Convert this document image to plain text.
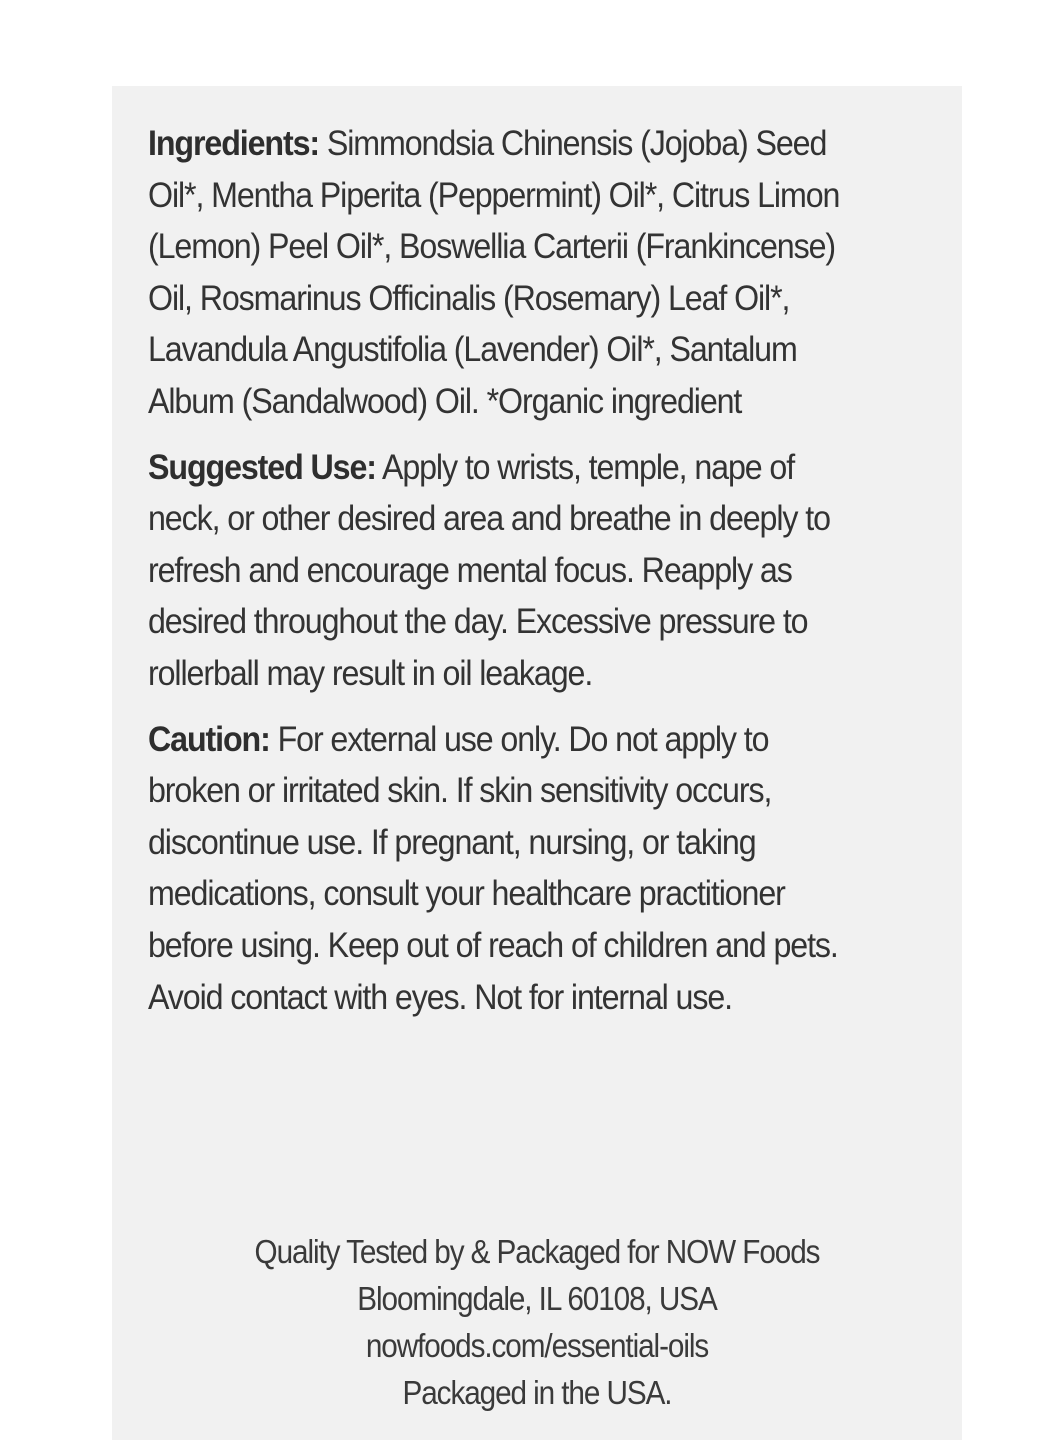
Ingredients: Simmondsia Chinensis (Jojoba) Seed Oil*, Mentha Piperita (Peppermint) Oil*, Citrus Limon (Lemon) Peel Oil*, Boswellia Carterii (Frankincense) Oil, Rosmarinus Officinalis (Rosemary) Leaf Oil*, Lavandula Angustifolia (Lavender) Oil*, Santalum Album (Sandalwood) Oil. *Organic ingredient

Suggested Use: Apply to wrists, temple, nape of neck, or other desired area and breathe in deeply to refresh and encourage mental focus. Reapply as desired throughout the day. Excessive pressure to rollerball may result in oil leakage.

Caution: For external use only. Do not apply to broken or irritated skin. If skin sensitivity occurs, discontinue use. If pregnant, nursing, or taking medications, consult your healthcare practitioner before using. Keep out of reach of children and pets. Avoid contact with eyes. Not for internal use.

Quality Tested by & Packaged for NOW Foods
Bloomingdale, IL 60108, USA
nowfoods.com/essential-oils
Packaged in the USA.
